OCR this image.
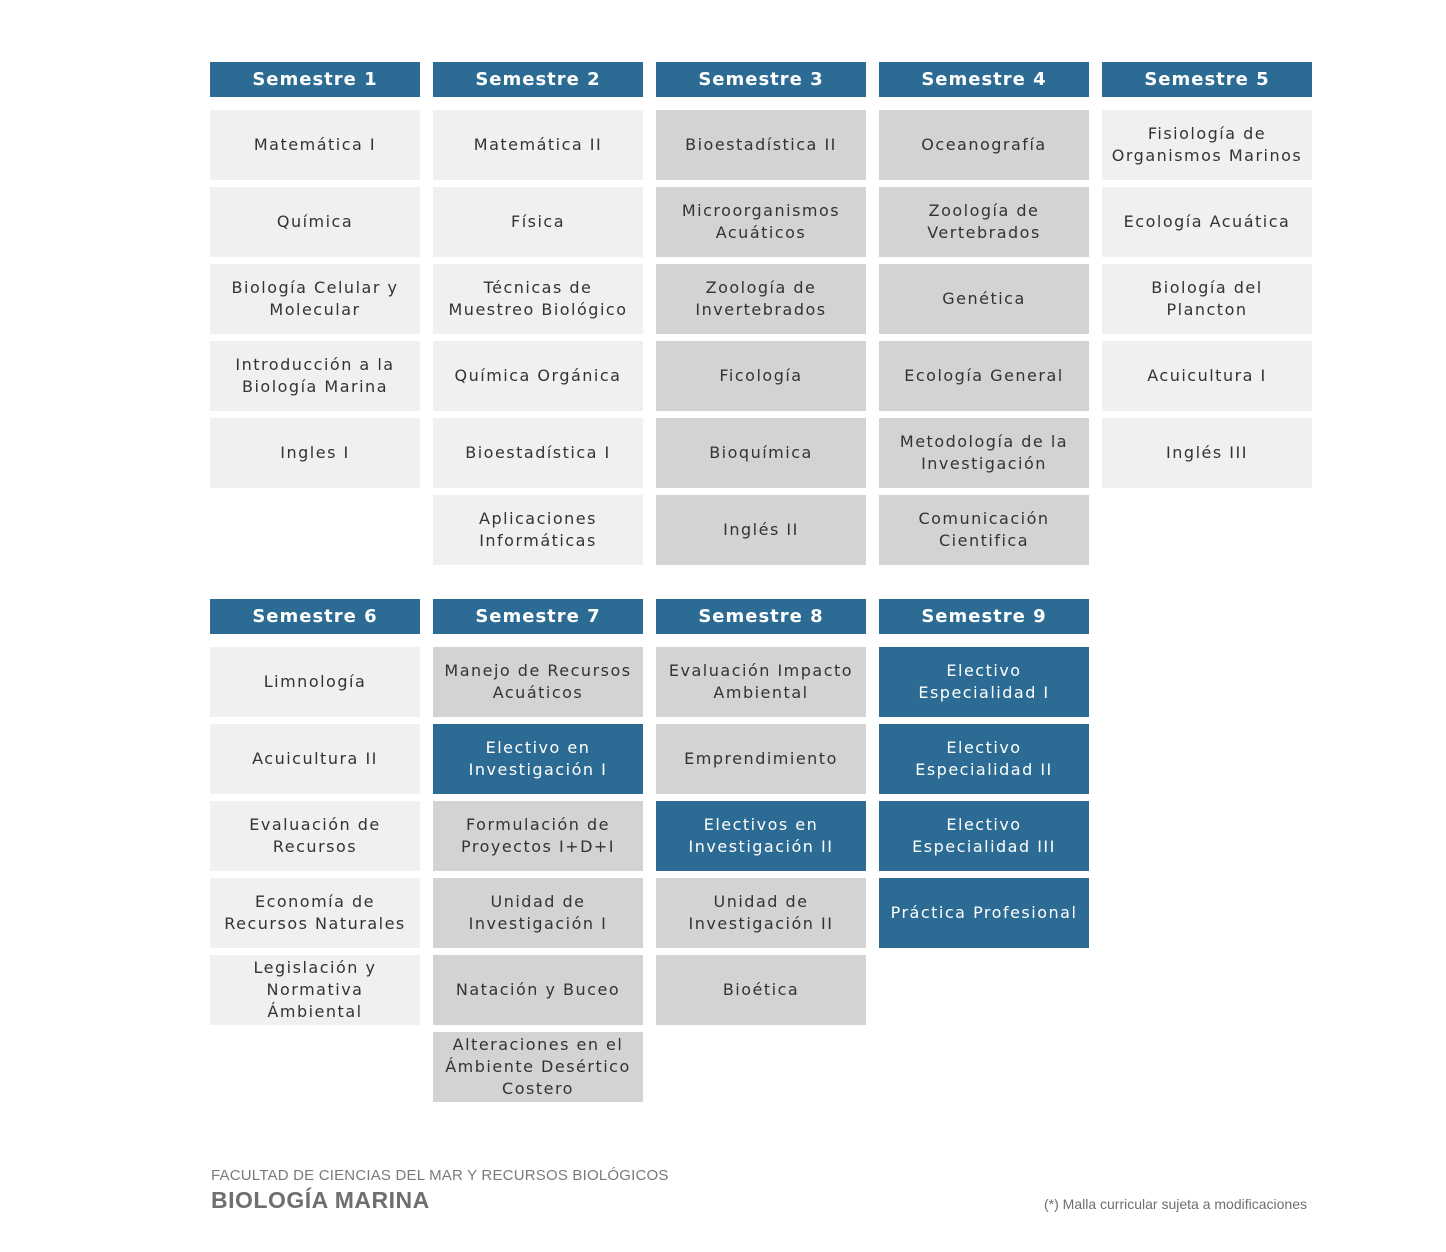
Semestre 1
Matemática I
Química
Biología Celular y Molecular
Introducción a la Biología Marina
Ingles I
Semestre 2
Matemática II
Física
Técnicas de Muestreo Biológico
Química Orgánica
Bioestadística I
Aplicaciones Informáticas
Semestre 3
Bioestadística II
Microorganismos Acuáticos
Zoología de Invertebrados
Ficología
Bioquímica
Inglés II
Semestre 4
Oceanografía
Zoología de Vertebrados
Genética
Ecología General
Metodología de la Investigación
Comunicación Cientifica
Semestre 5
Fisiología de Organismos Marinos
Ecología Acuática
Biología del Plancton
Acuicultura I
Inglés III
Semestre 6
Limnología
Acuicultura II
Evaluación de Recursos
Economía de Recursos Naturales
Legislación y Normativa Ámbiental
Semestre 7
Manejo de Recursos Acuáticos
Electivo en Investigación I
Formulación de Proyectos I+D+I
Unidad de Investigación I
Natación y Buceo
Alteraciones en el Ámbiente Desértico Costero
Semestre 8
Evaluación Impacto Ambiental
Emprendimiento
Electivos en Investigación II
Unidad de Investigación II
Bioética
Semestre 9
Electivo Especialidad I
Electivo Especialidad II
Electivo Especialidad III
Práctica Profesional
FACULTAD DE CIENCIAS DEL MAR Y RECURSOS BIOLÓGICOS
BIOLOGÍA MARINA	(*) Malla curricular sujeta a modificaciones
